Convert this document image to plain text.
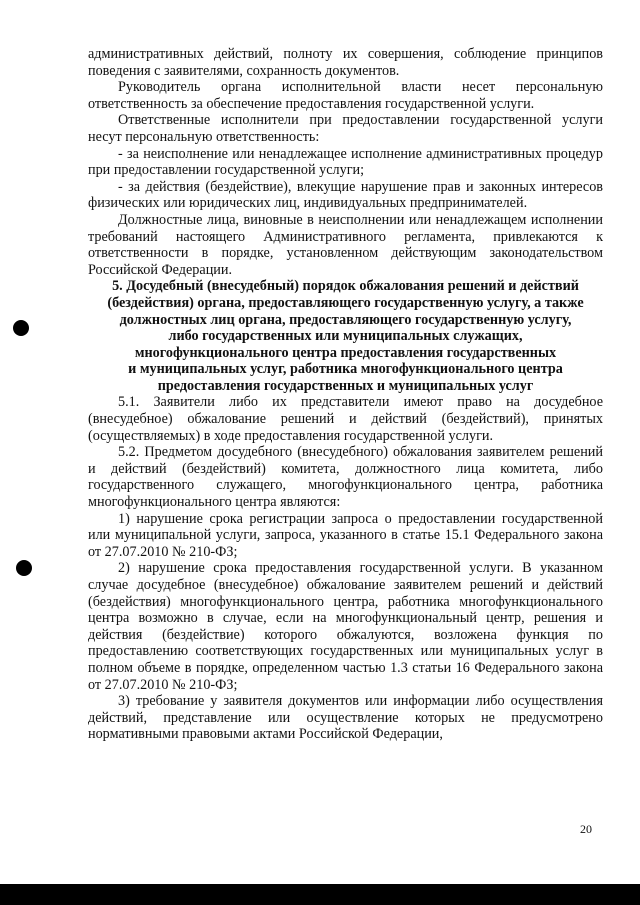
административных действий, полноту их совершения, соблюдение принципов поведения с заявителями, сохранность документов.

Руководитель органа исполнительной власти несет персональную ответственность за обеспечение предоставления государственной услуги.

Ответственные исполнители при предоставлении государственной услуги несут персональную ответственность:

- за неисполнение или ненадлежащее исполнение административных процедур при предоставлении государственной услуги;

- за действия (бездействие), влекущие нарушение прав и законных интересов физических или юридических лиц, индивидуальных предпринимателей.

Должностные лица, виновные в неисполнении или ненадлежащем исполнении требований настоящего Административного регламента, привлекаются к ответственности в порядке, установленном действующим законодательством Российской Федерации.

5. Досудебный (внесудебный) порядок обжалования решений и действий

(бездействия) органа, предоставляющего государственную услугу, а также

должностных лиц органа, предоставляющего государственную услугу,

либо государственных или муниципальных служащих,

многофункционального центра предоставления государственных

и муниципальных услуг, работника многофункционального центра

предоставления государственных и муниципальных услуг

5.1. Заявители либо их представители имеют право на досудебное (внесудебное) обжалование решений и действий (бездействий), принятых (осуществляемых) в ходе предоставления государственной услуги.

5.2. Предметом досудебного (внесудебного) обжалования заявителем решений и действий (бездействий) комитета, должностного лица комитета, либо государственного служащего, многофункционального центра, работника многофункционального центра являются:

1) нарушение срока регистрации запроса о предоставлении государственной или муниципальной услуги, запроса, указанного в статье 15.1 Федерального закона от 27.07.2010 № 210-ФЗ;

2) нарушение срока предоставления государственной услуги. В указанном случае досудебное (внесудебное) обжалование заявителем решений и действий (бездействия) многофункционального центра, работника многофункционального центра возможно в случае, если на многофункциональный центр, решения и действия (бездействие) которого обжалуются, возложена функция по предоставлению соответствующих государственных или муниципальных услуг в полном объеме в порядке, определенном частью 1.3 статьи 16 Федерального закона от 27.07.2010 № 210-ФЗ;

3) требование у заявителя документов или информации либо осуществления действий, представление или осуществление которых не предусмотрено нормативными правовыми актами Российской Федерации,

20
